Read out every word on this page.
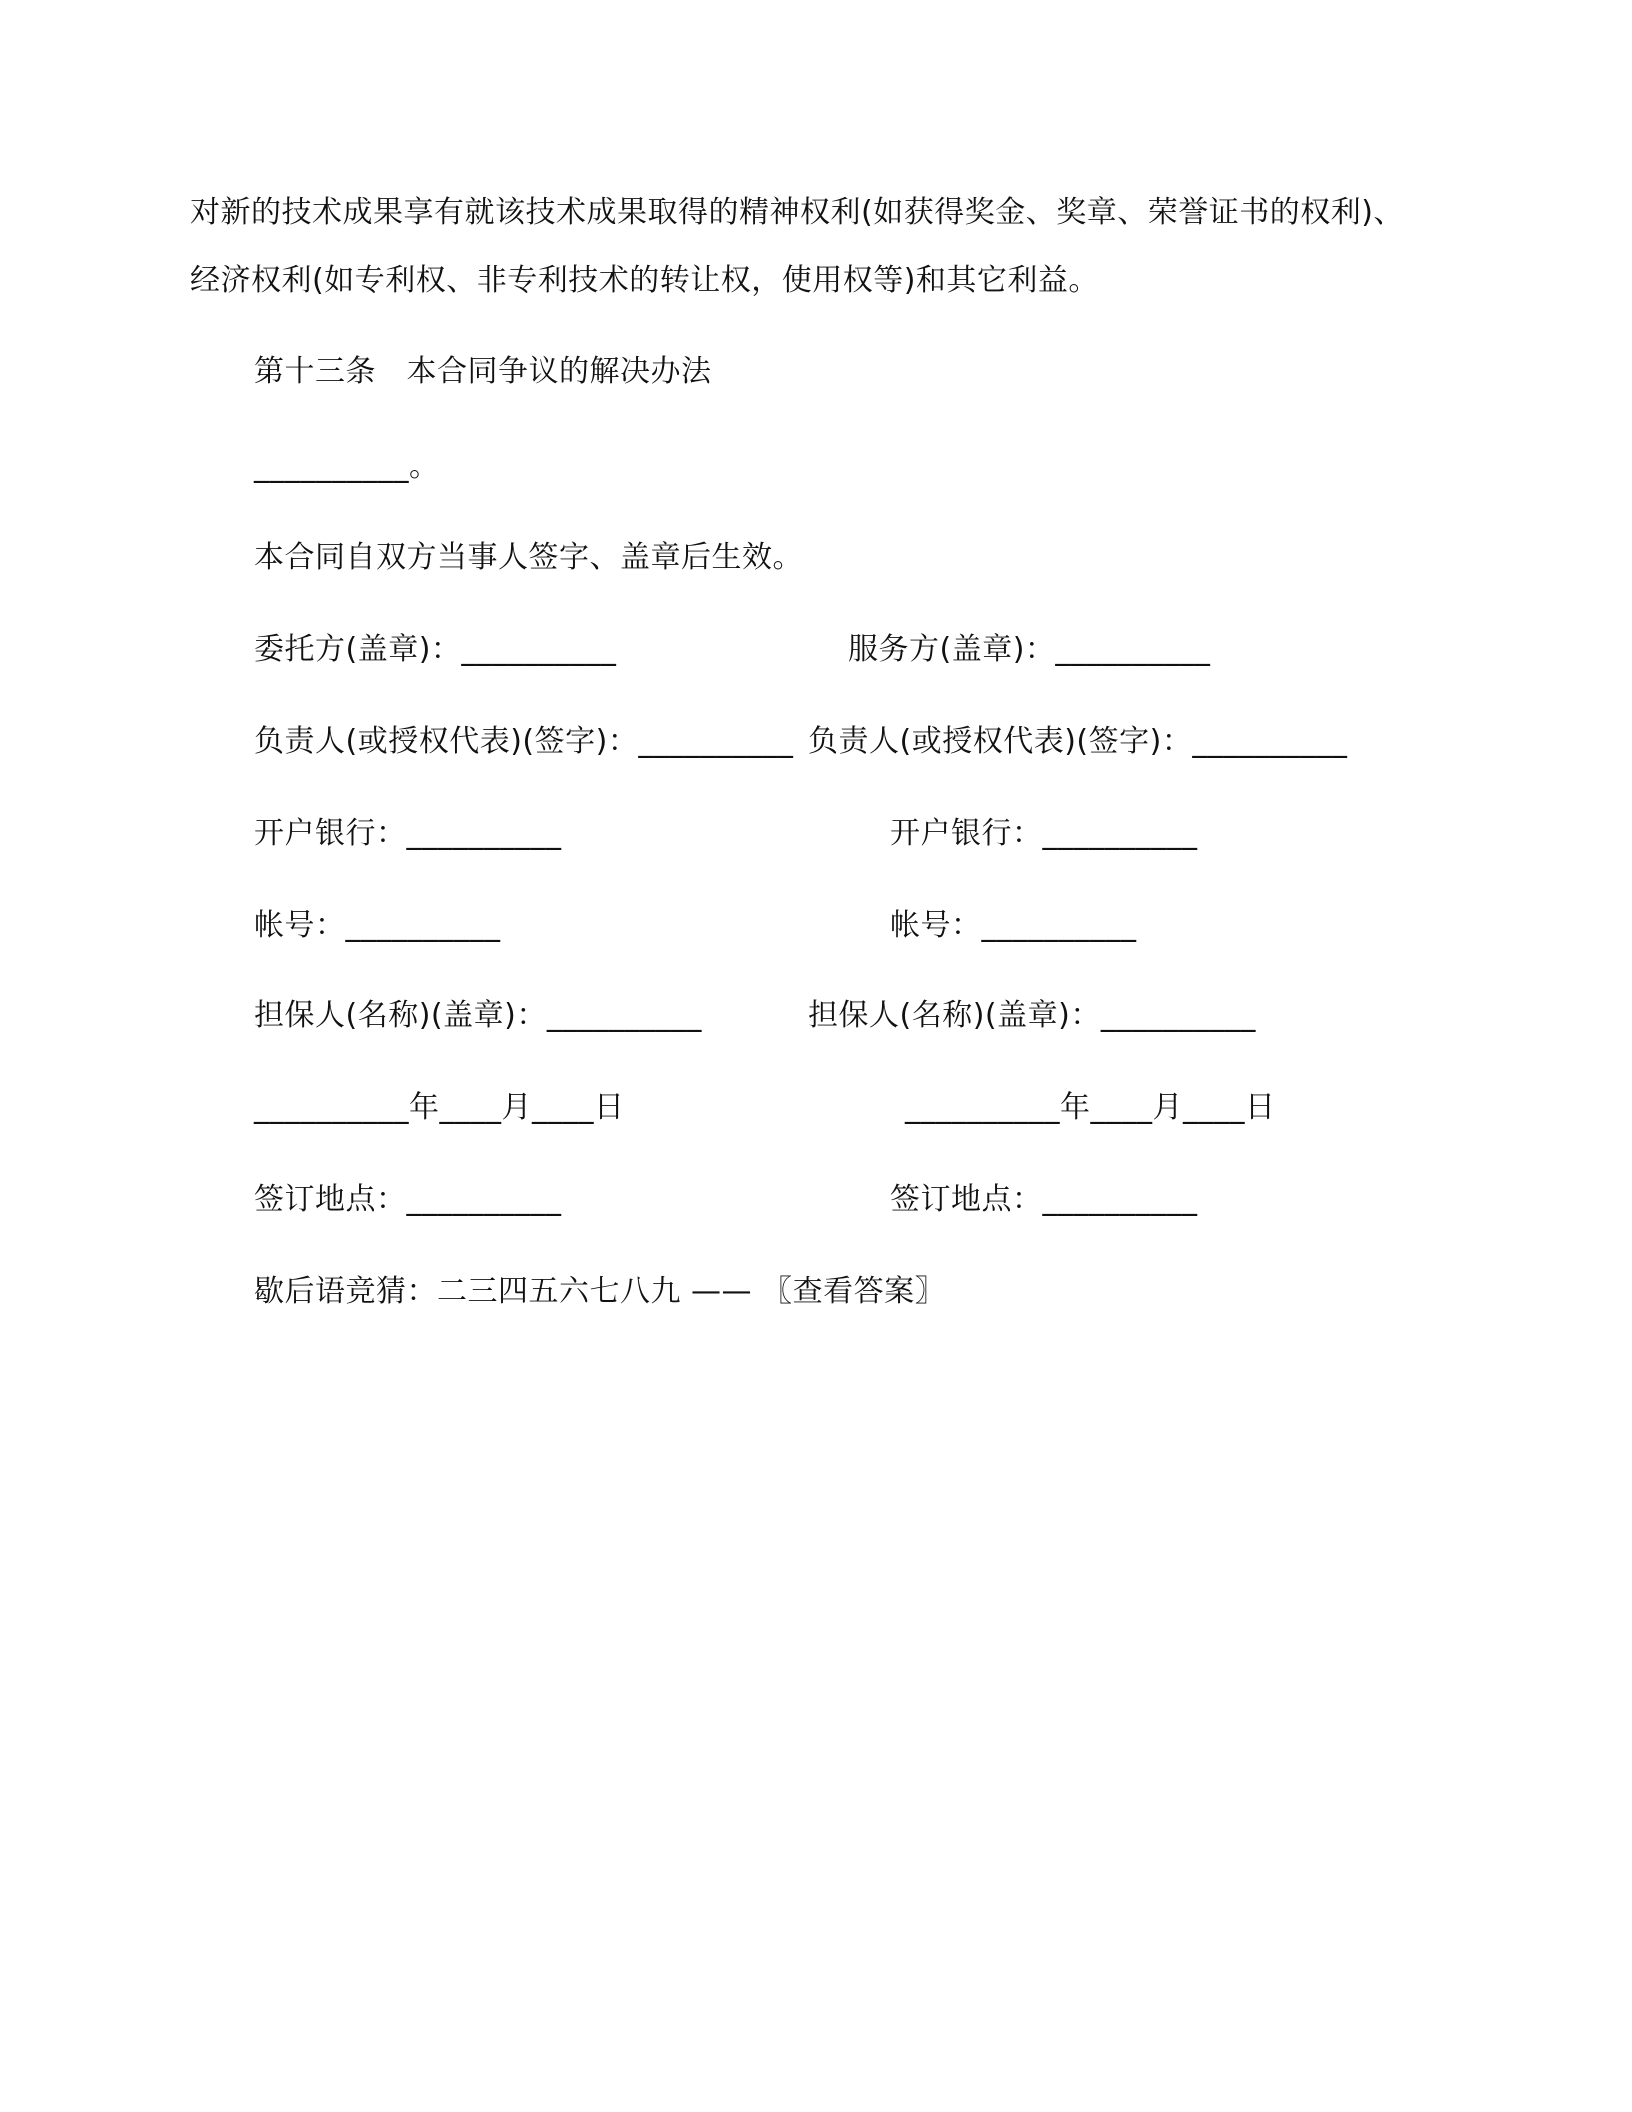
对新的技术成果享有就该技术成果取得的精神权利(如获得奖金、奖章、荣誉证书的权利)、
经济权利(如专利权、非专利技术的转让权，使用权等)和其它利益。
第十三条　本合同争议的解决办法
__________。
本合同自双方当事人签字、盖章后生效。
委托方(盖章)：__________	服务方(盖章)：__________
负责人(或授权代表)(签字)：__________ 负责人(或授权代表)(签字)：__________
开户银行：__________	开户银行：__________
帐号：__________	帐号：__________
担保人(名称)(盖章)：__________	担保人(名称)(盖章)：__________
__________年____月____日	__________年____月____日
签订地点：__________	签订地点：__________
歇后语竞猜：二三四五六七八九 —— 〖查看答案〗
